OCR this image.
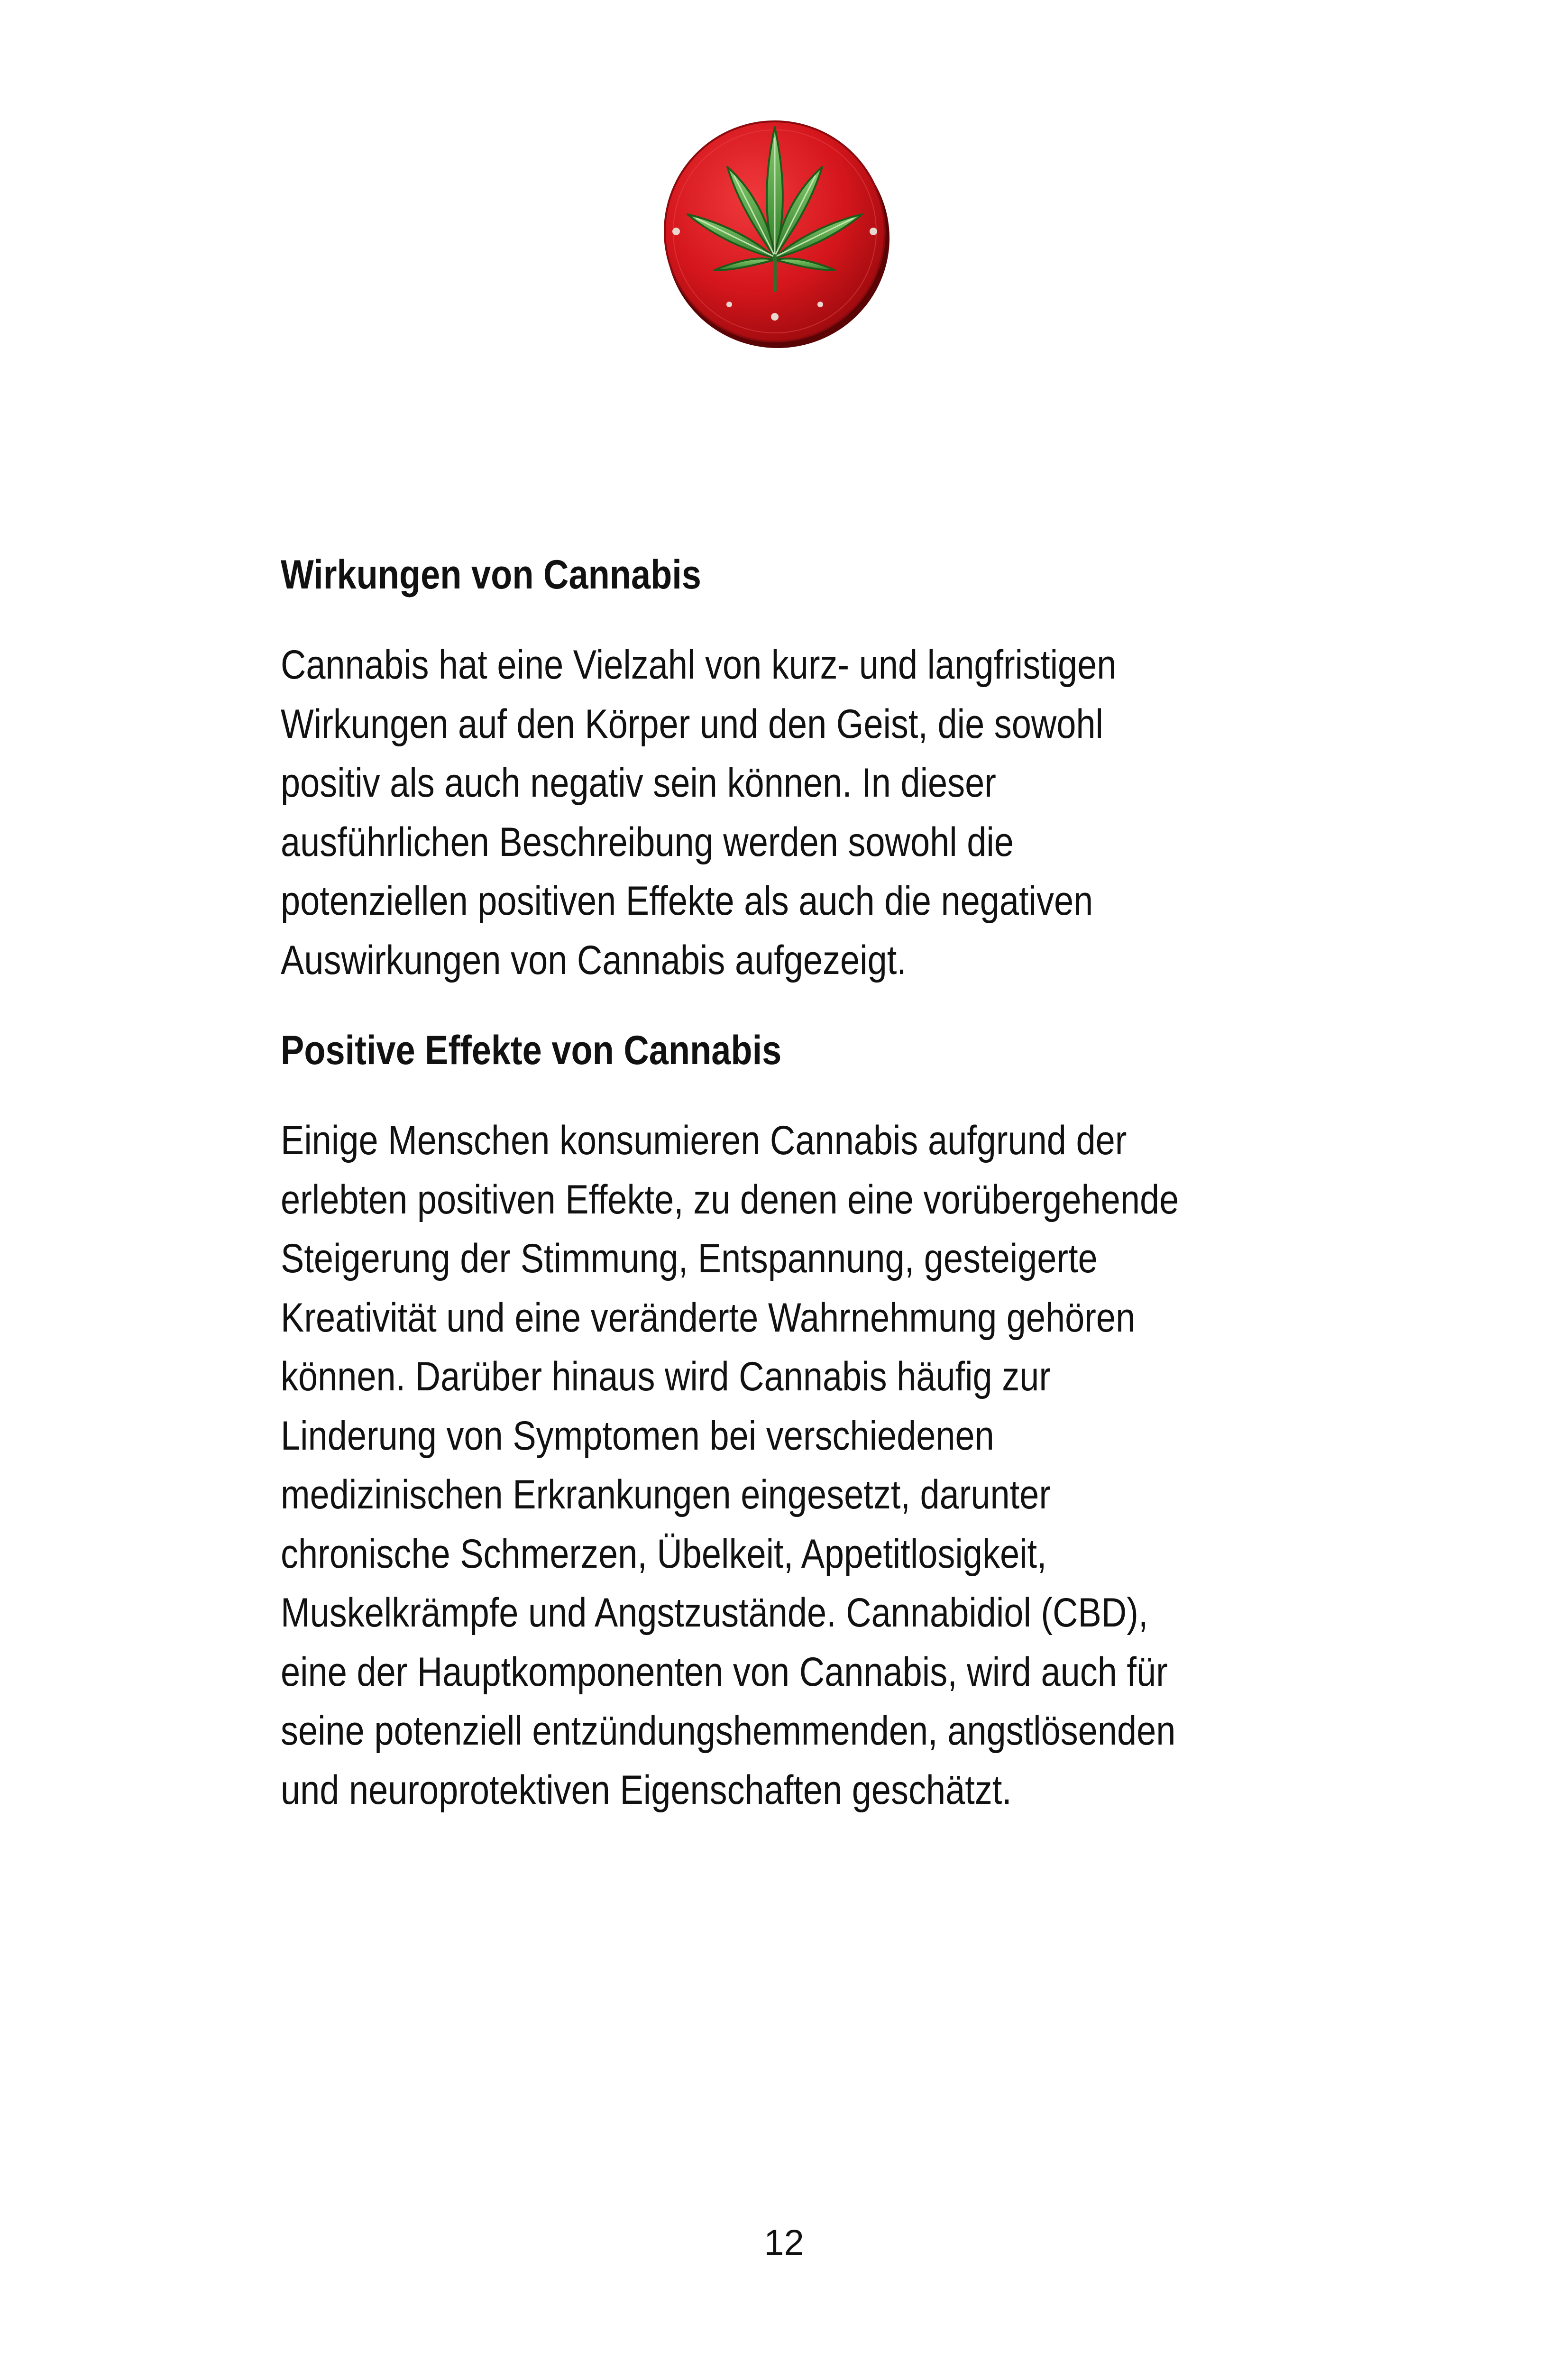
Wirkungen von Cannabis
Cannabis hat eine Vielzahl von kurz- und langfristigen
Wirkungen auf den Körper und den Geist, die sowohl
positiv als auch negativ sein können. In dieser
ausführlichen Beschreibung werden sowohl die
potenziellen positiven Effekte als auch die negativen
Auswirkungen von Cannabis aufgezeigt.
Positive Effekte von Cannabis
Einige Menschen konsumieren Cannabis aufgrund der
erlebten positiven Effekte, zu denen eine vorübergehende
Steigerung der Stimmung, Entspannung, gesteigerte
Kreativität und eine veränderte Wahrnehmung gehören
können. Darüber hinaus wird Cannabis häufig zur
Linderung von Symptomen bei verschiedenen
medizinischen Erkrankungen eingesetzt, darunter
chronische Schmerzen, Übelkeit, Appetitlosigkeit,
Muskelkrämpfe und Angstzustände. Cannabidiol (CBD),
eine der Hauptkomponenten von Cannabis, wird auch für
seine potenziell entzündungshemmenden, angstlösenden
und neuroprotektiven Eigenschaften geschätzt.
12
